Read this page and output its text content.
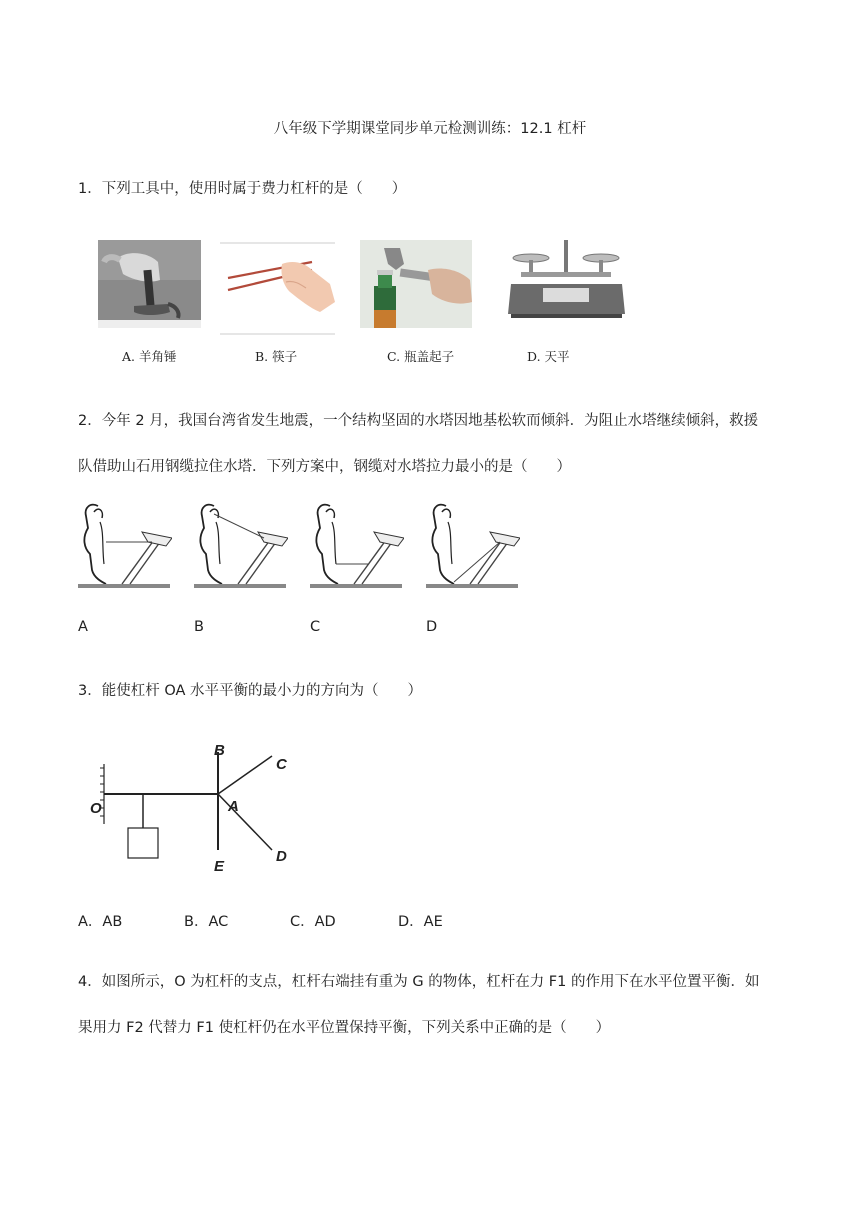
八年级下学期课堂同步单元检测训练：12.1 杠杆
1．下列工具中，使用时属于费力杠杆的是（　　）
A. 羊角锤	B. 筷子	C. 瓶盖起子	D. 天平
2．今年 2 月，我国台湾省发生地震，一个结构坚固的水塔因地基松软而倾斜．为阻止水塔继续倾斜，救援
队借助山石用钢缆拉住水塔．下列方案中，钢缆对水塔拉力最小的是（　　）
A	B	C	D
3．能使杠杆 OA 水平平衡的最小力的方向为（　　）
O	A
B
C
D
E
A．AB	B．AC	C．AD	D．AE
4．如图所示，O 为杠杆的支点，杠杆右端挂有重为 G 的物体，杠杆在力 F1 的作用下在水平位置平衡．如
果用力 F2 代替力 F1 使杠杆仍在水平位置保持平衡，下列关系中正确的是（　　）
